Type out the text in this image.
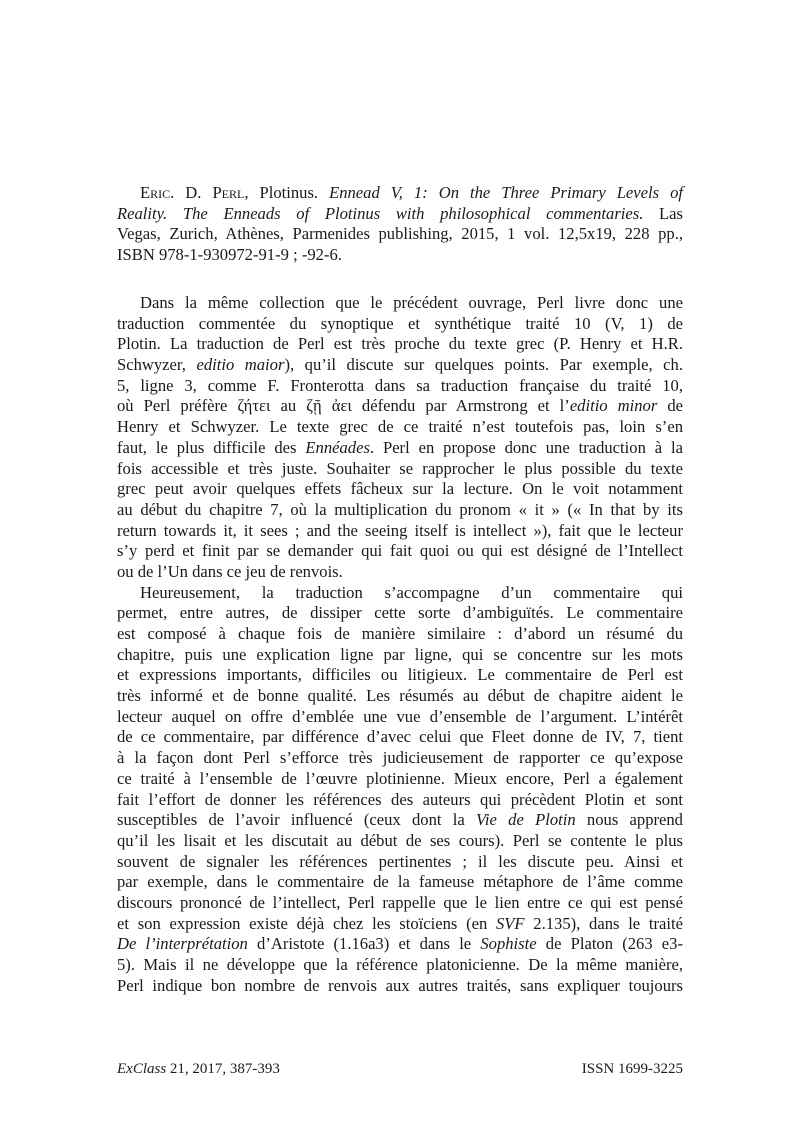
Eric. D. Perl, Plotinus. Ennead V, 1: On the Three Primary Levels of
Reality. The Enneads of Plotinus with philosophical commentaries. Las
Vegas, Zurich, Athènes, Parmenides publishing, 2015, 1 vol. 12,5x19, 228 pp.,
ISBN 978-1-930972-91-9 ; -92-6.
Dans la même collection que le précédent ouvrage, Perl livre donc une
traduction commentée du synoptique et synthétique traité 10 (V, 1) de
Plotin. La traduction de Perl est très proche du texte grec (P. Henry et H.R.
Schwyzer, editio maior), qu’il discute sur quelques points. Par exemple, ch.
5, ligne 3, comme F. Fronterotta dans sa traduction française du traité 10,
où Perl préfère ζήτει au ζῇ ἀει défendu par Armstrong et l’editio minor de
Henry et Schwyzer. Le texte grec de ce traité n’est toutefois pas, loin s’en
faut, le plus difficile des Ennéades. Perl en propose donc une traduction à la
fois accessible et très juste. Souhaiter se rapprocher le plus possible du texte
grec peut avoir quelques effets fâcheux sur la lecture. On le voit notamment
au début du chapitre 7, où la multiplication du pronom « it » (« In that by its
return towards it, it sees ; and the seeing itself is intellect »), fait que le lecteur
s’y perd et finit par se demander qui fait quoi ou qui est désigné de l’Intellect
ou de l’Un dans ce jeu de renvois.
Heureusement, la traduction s’accompagne d’un commentaire qui
permet, entre autres, de dissiper cette sorte d’ambiguïtés. Le commentaire
est composé à chaque fois de manière similaire : d’abord un résumé du
chapitre, puis une explication ligne par ligne, qui se concentre sur les mots
et expressions importants, difficiles ou litigieux. Le commentaire de Perl est
très informé et de bonne qualité. Les résumés au début de chapitre aident le
lecteur auquel on offre d’emblée une vue d’ensemble de l’argument. L’intérêt
de ce commentaire, par différence d’avec celui que Fleet donne de IV, 7, tient
à la façon dont Perl s’efforce très judicieusement de rapporter ce qu’expose
ce traité à l’ensemble de l’œuvre plotinienne. Mieux encore, Perl a également
fait l’effort de donner les références des auteurs qui précèdent Plotin et sont
susceptibles de l’avoir influencé (ceux dont la Vie de Plotin nous apprend
qu’il les lisait et les discutait au début de ses cours). Perl se contente le plus
souvent de signaler les références pertinentes ; il les discute peu. Ainsi et
par exemple, dans le commentaire de la fameuse métaphore de l’âme comme
discours prononcé de l’intellect, Perl rappelle que le lien entre ce qui est pensé
et son expression existe déjà chez les stoïciens (en SVF 2.135), dans le traité
De l’interprétation d’Aristote (1.16a3) et dans le Sophiste de Platon (263 e3-
5). Mais il ne développe que la référence platonicienne. De la même manière,
Perl indique bon nombre de renvois aux autres traités, sans expliquer toujours
ExClass 21, 2017, 387-393	ISSN 1699-3225
